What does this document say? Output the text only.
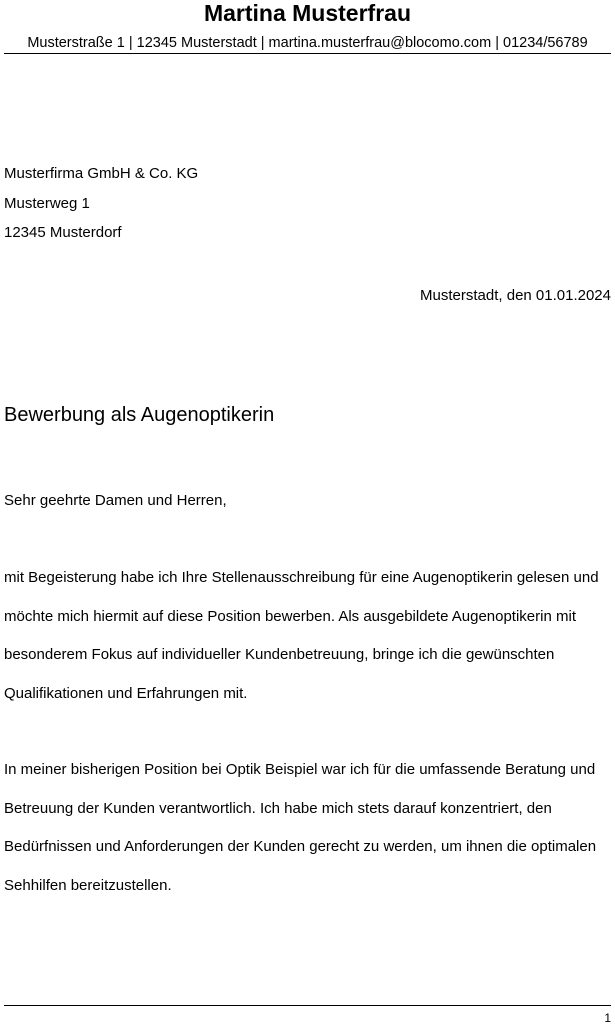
Martina Musterfrau
Musterstraße 1 | 12345 Musterstadt | martina.musterfrau@blocomo.com | 01234/56789
Musterfirma GmbH & Co. KG
Musterweg 1
12345 Musterdorf
Musterstadt, den 01.01.2024
Bewerbung als Augenoptikerin
Sehr geehrte Damen und Herren,

mit Begeisterung habe ich Ihre Stellenausschreibung für eine Augenoptikerin gelesen und möchte mich hiermit auf diese Position bewerben. Als ausgebildete Augenoptikerin mit besonderem Fokus auf individueller Kundenbetreuung, bringe ich die gewünschten Qualifikationen und Erfahrungen mit.

In meiner bisherigen Position bei Optik Beispiel war ich für die umfassende Beratung und Betreuung der Kunden verantwortlich. Ich habe mich stets darauf konzentriert, den Bedürfnissen und Anforderungen der Kunden gerecht zu werden, um ihnen die optimalen Sehhilfen bereitzustellen.

1
